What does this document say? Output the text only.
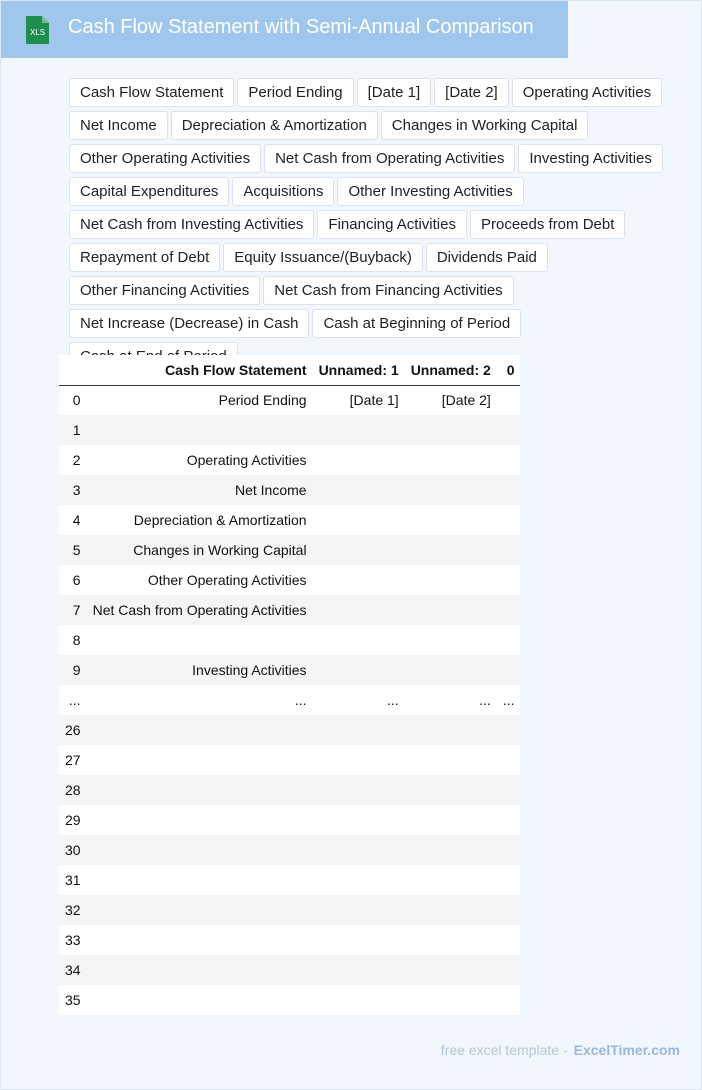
XLS Cash Flow Statement with Semi-Annual Comparison
Cash Flow Statement	Period Ending	[Date 1]	[Date 2]	Operating Activities
Net Income	Depreciation & Amortization	Changes in Working Capital
Other Operating Activities	Net Cash from Operating Activities	Investing Activities
Capital Expenditures	Acquisitions	Other Investing Activities
Net Cash from Investing Activities	Financing Activities	Proceeds from Debt
Repayment of Debt	Equity Issuance/(Buyback)	Dividends Paid
Other Financing Activities	Net Cash from Financing Activities
Net Increase (Decrease) in Cash	Cash at Beginning of Period
	Cash Flow Statement	Unnamed: 1	Unnamed: 2	0
0	Period Ending	[Date 1]	[Date 2]	
1				
2	Operating Activities			
3	Net Income			
4	Depreciation & Amortization			
5	Changes in Working Capital			
6	Other Operating Activities			
7	Net Cash from Operating Activities			
8				
9	Investing Activities			
...	...	...	...	...
26				
27				
28				
29				
30				
31				
32				
33				
34				
35				
free excel template - ExcelTimer.com
